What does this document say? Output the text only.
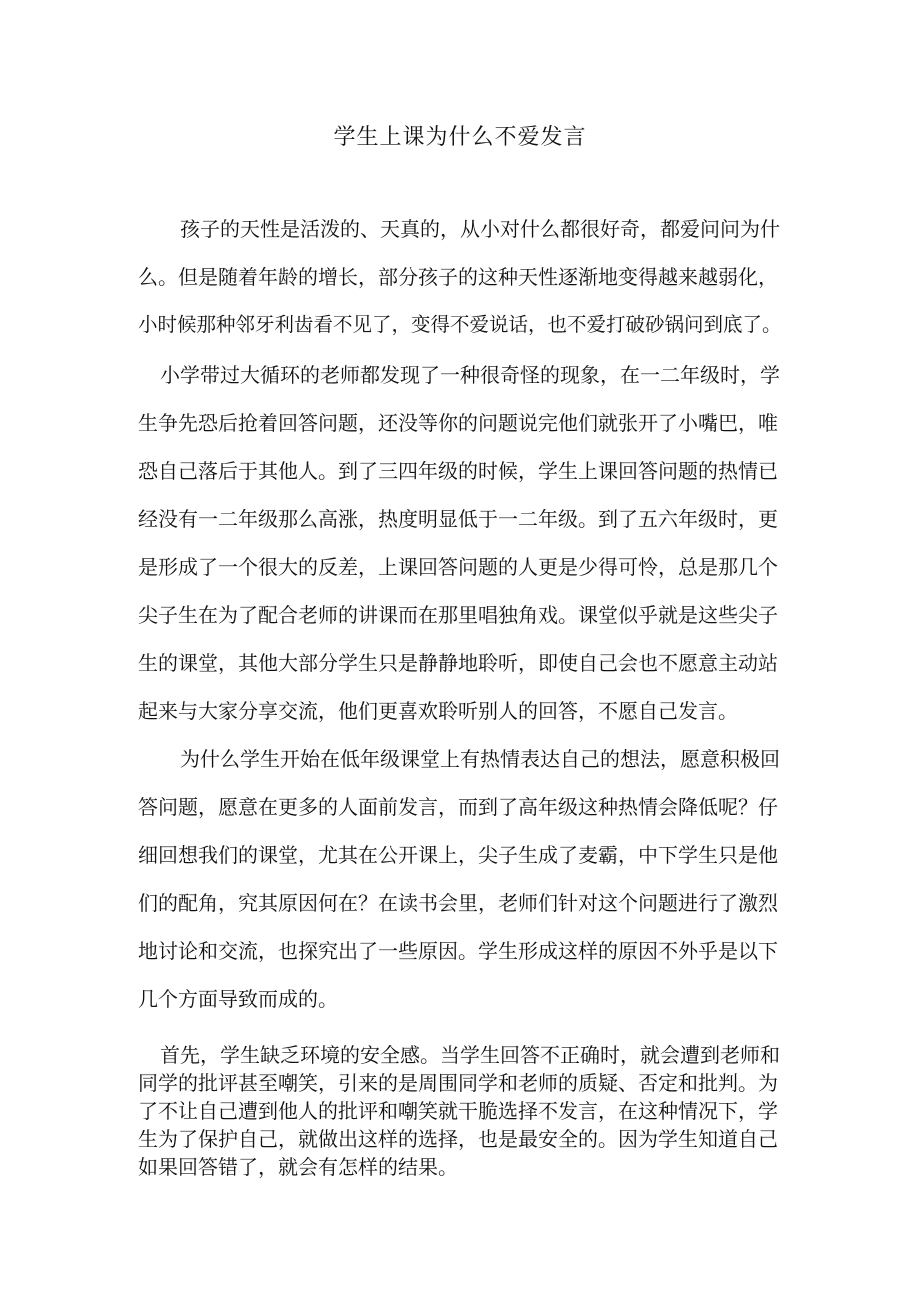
学生上课为什么不爱发言
孩子的天性是活泼的、天真的，从小对什么都很好奇，都爱问问为什
么。但是随着年龄的增长，部分孩子的这种天性逐渐地变得越来越弱化，
小时候那种邻牙利齿看不见了，变得不爱说话，也不爱打破砂锅问到底了。
小学带过大循环的老师都发现了一种很奇怪的现象，在一二年级时，学
生争先恐后抢着回答问题，还没等你的问题说完他们就张开了小嘴巴，唯
恐自己落后于其他人。到了三四年级的时候，学生上课回答问题的热情已
经没有一二年级那么高涨，热度明显低于一二年级。到了五六年级时，更
是形成了一个很大的反差，上课回答问题的人更是少得可怜，总是那几个
尖子生在为了配合老师的讲课而在那里唱独角戏。课堂似乎就是这些尖子
生的课堂，其他大部分学生只是静静地聆听，即使自己会也不愿意主动站
起来与大家分享交流，他们更喜欢聆听别人的回答，不愿自己发言。
为什么学生开始在低年级课堂上有热情表达自己的想法，愿意积极回
答问题，愿意在更多的人面前发言，而到了高年级这种热情会降低呢？仔
细回想我们的课堂，尤其在公开课上，尖子生成了麦霸，中下学生只是他
们的配角，究其原因何在？在读书会里，老师们针对这个问题进行了激烈
地讨论和交流，也探究出了一些原因。学生形成这样的原因不外乎是以下
几个方面导致而成的。
首先，学生缺乏环境的安全感。当学生回答不正确时，就会遭到老师和
同学的批评甚至嘲笑，引来的是周围同学和老师的质疑、否定和批判。为
了不让自己遭到他人的批评和嘲笑就干脆选择不发言，在这种情况下，学
生为了保护自己，就做出这样的选择，也是最安全的。因为学生知道自己
如果回答错了，就会有怎样的结果。
